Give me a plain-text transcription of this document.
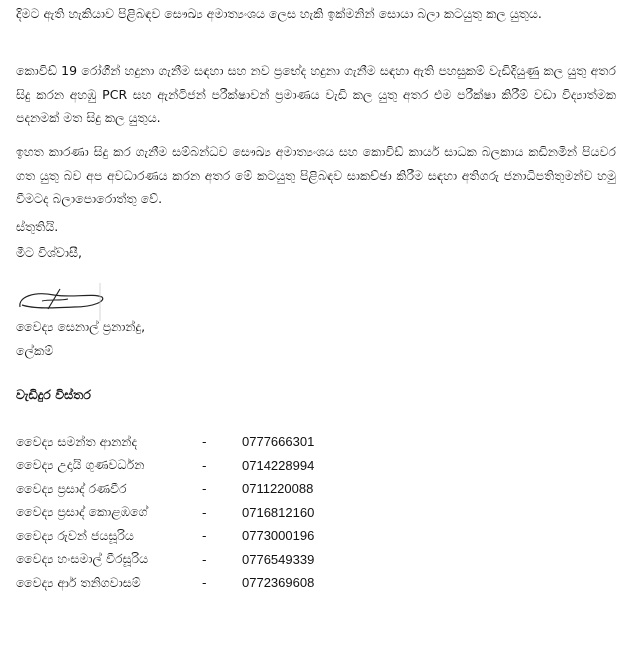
දිමට ඇති හැකියාව පිළිබඳව සෞඛ්‍ය අමාත්‍යංශය ලෙස හැකි ඉක්මනින් සොයා බලා කටයුතු කල යුතුය.

කොවිඩ් 19 රෝගීන් හදුනා ගැනීම සඳහා සහ නව ප්‍රභේද හදුනා ගැනීම සඳහා ඇති පහසුකම් වැඩිදියුණු කල යුතු අතර සිදු කරන අහඹු PCR සහ ඇන්ටිජන් පරීක්ෂාවන් ප්‍රමාණය වැඩි කල යුතු අතර එම පරීක්ෂා කිරීම් වඩා විද්‍යාත්මක පදනමක් මත සිදු කල යුතුය.

ඉහත කාරණා සිදු කර ගැනීම සම්බන්ධව සෞඛ්‍ය අමාත්‍යංශය සහ කොවිඩ් කාර්ය සාධක බලකාය කඩිනමින් පියවර ගත යුතු බව අප අවධාරණය කරන අතර මේ කටයුතු පිළිබඳව සාකච්ඡා කිරීම සඳහා අතිගරු ජනාධිපතිතුමන්ව හමු වීමටද බලාපොරොත්තු වේ.

ස්තුතියි.

මීට විශ්වාසී,

වෛද්‍ය සෙනාල් ප්‍රනාන්දු,

ලේකම්

වැඩිදුර විස්තර

වෛද්‍ය සමන්ත ආනන්ද	-	0777666301
වෛද්‍ය උදායි ගුණවර්ධන	-	0714228994
වෛද්‍ය ප්‍රසාද් රණවීර	-	0711220088
වෛද්‍ය ප්‍රසාද් කොළඹගේ	-	0716812160
වෛද්‍ය රුවන් ජයසූරිය	-	0773000196
වෛද්‍ය හංසමාල් වීරසූරිය	-	0776549339
වෛද්‍ය ආර් තනිගවාසම්	-	0772369608
